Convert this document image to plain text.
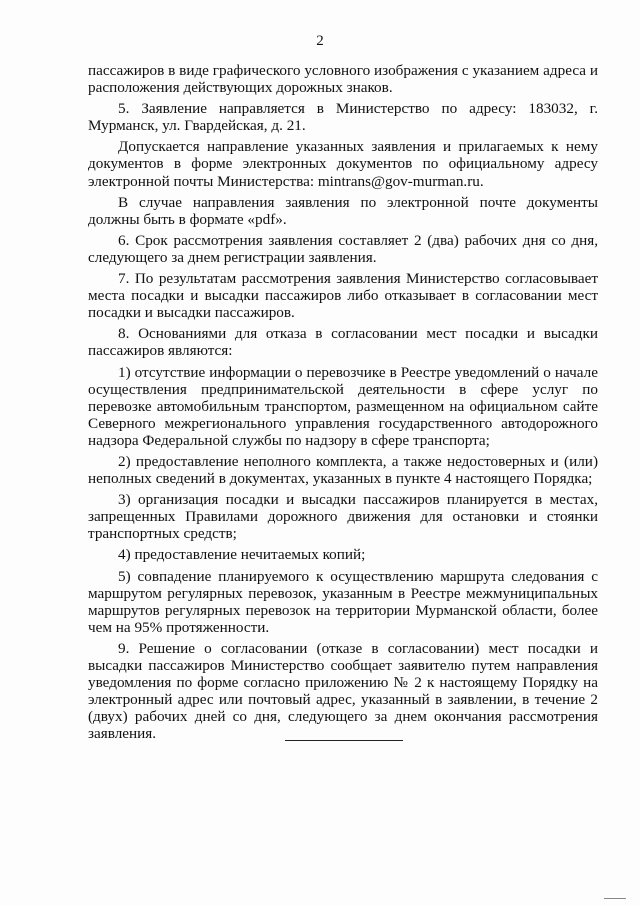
2

пассажиров в виде графического условного изображения с указанием адреса и расположения действующих дорожных знаков.

5. Заявление направляется в Министерство по адресу: 183032, г. Мурманск, ул. Гвардейская, д. 21.

Допускается направление указанных заявления и прилагаемых к нему документов в форме электронных документов по официальному адресу электронной почты Министерства: mintrans@gov-murman.ru.

В случае направления заявления по электронной почте документы должны быть в формате «pdf».

6. Срок рассмотрения заявления составляет 2 (два) рабочих дня со дня, следующего за днем регистрации заявления.

7. По результатам рассмотрения заявления Министерство согласовывает места посадки и высадки пассажиров либо отказывает в согласовании мест посадки и высадки пассажиров.

8. Основаниями для отказа в согласовании мест посадки и высадки пассажиров являются:

1) отсутствие информации о перевозчике в Реестре уведомлений о начале осуществления предпринимательской деятельности в сфере услуг по перевозке автомобильным транспортом, размещенном на официальном сайте Северного межрегионального управления государственного автодорожного надзора Федеральной службы по надзору в сфере транспорта;

2) предоставление неполного комплекта, а также недостоверных и (или) неполных сведений в документах, указанных в пункте 4 настоящего Порядка;

3) организация посадки и высадки пассажиров планируется в местах, запрещенных Правилами дорожного движения для остановки и стоянки транспортных средств;

4) предоставление нечитаемых копий;

5) совпадение планируемого к осуществлению маршрута следования с маршрутом регулярных перевозок, указанным в Реестре межмуниципальных маршрутов регулярных перевозок на территории Мурманской области, более чем на 95% протяженности.

9. Решение о согласовании (отказе в согласовании) мест посадки и высадки пассажиров Министерство сообщает заявителю путем направления уведомления по форме согласно приложению № 2 к настоящему Порядку на электронный адрес или почтовый адрес, указанный в заявлении, в течение 2 (двух) рабочих дней со дня, следующего за днем окончания рассмотрения заявления.
